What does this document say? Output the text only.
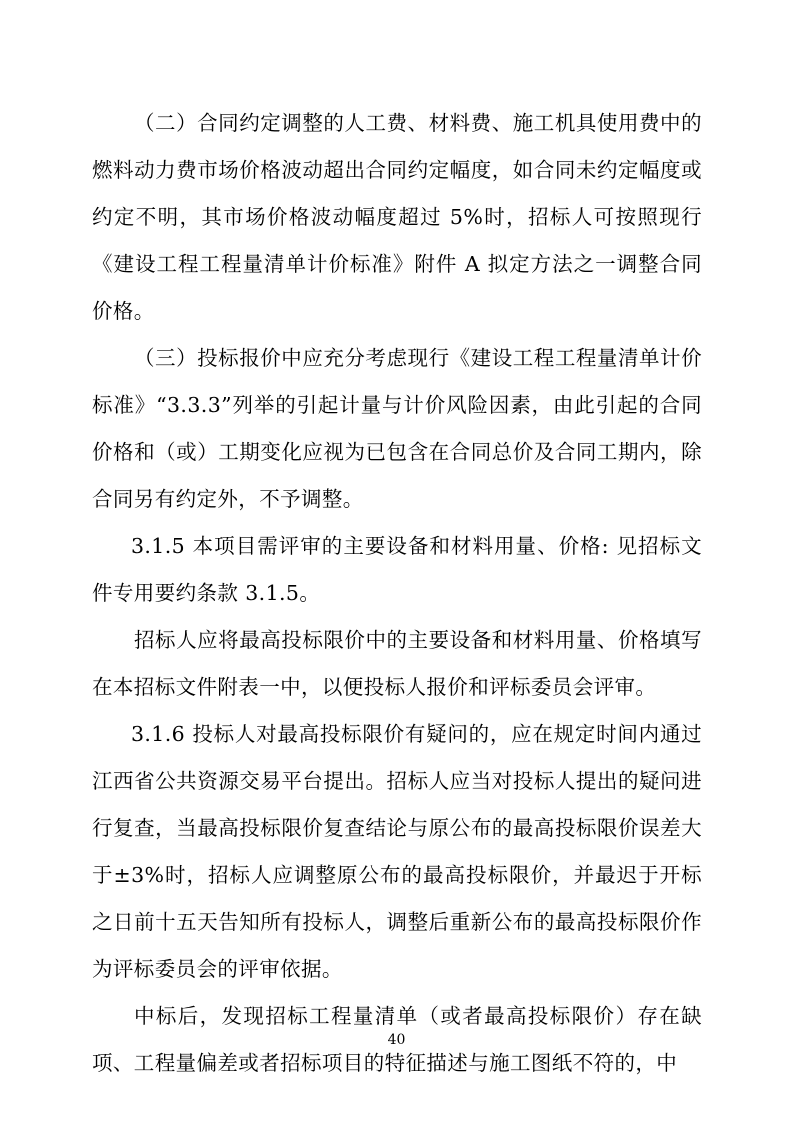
（二）合同约定调整的人工费、材料费、施工机具使用费中的燃料动力费市场价格波动超出合同约定幅度，如合同未约定幅度或约定不明，其市场价格波动幅度超过 5%时，招标人可按照现行《建设工程工程量清单计价标准》附件 A 拟定方法之一调整合同价格。

（三）投标报价中应充分考虑现行《建设工程工程量清单计价标准》“3.3.3”列举的引起计量与计价风险因素，由此引起的合同价格和（或）工期变化应视为已包含在合同总价及合同工期内，除合同另有约定外，不予调整。

3.1.5 本项目需评审的主要设备和材料用量、价格: 见招标文件专用要约条款 3.1.5。

招标人应将最高投标限价中的主要设备和材料用量、价格填写在本招标文件附表一中，以便投标人报价和评标委员会评审。

3.1.6 投标人对最高投标限价有疑问的，应在规定时间内通过江西省公共资源交易平台提出。招标人应当对投标人提出的疑问进行复查，当最高投标限价复查结论与原公布的最高投标限价误差大于±3%时，招标人应调整原公布的最高投标限价，并最迟于开标之日前十五天告知所有投标人，调整后重新公布的最高投标限价作为评标委员会的评审依据。

中标后，发现招标工程量清单（或者最高投标限价）存在缺项、工程量偏差或者招标项目的特征描述与施工图纸不符的，中

40
